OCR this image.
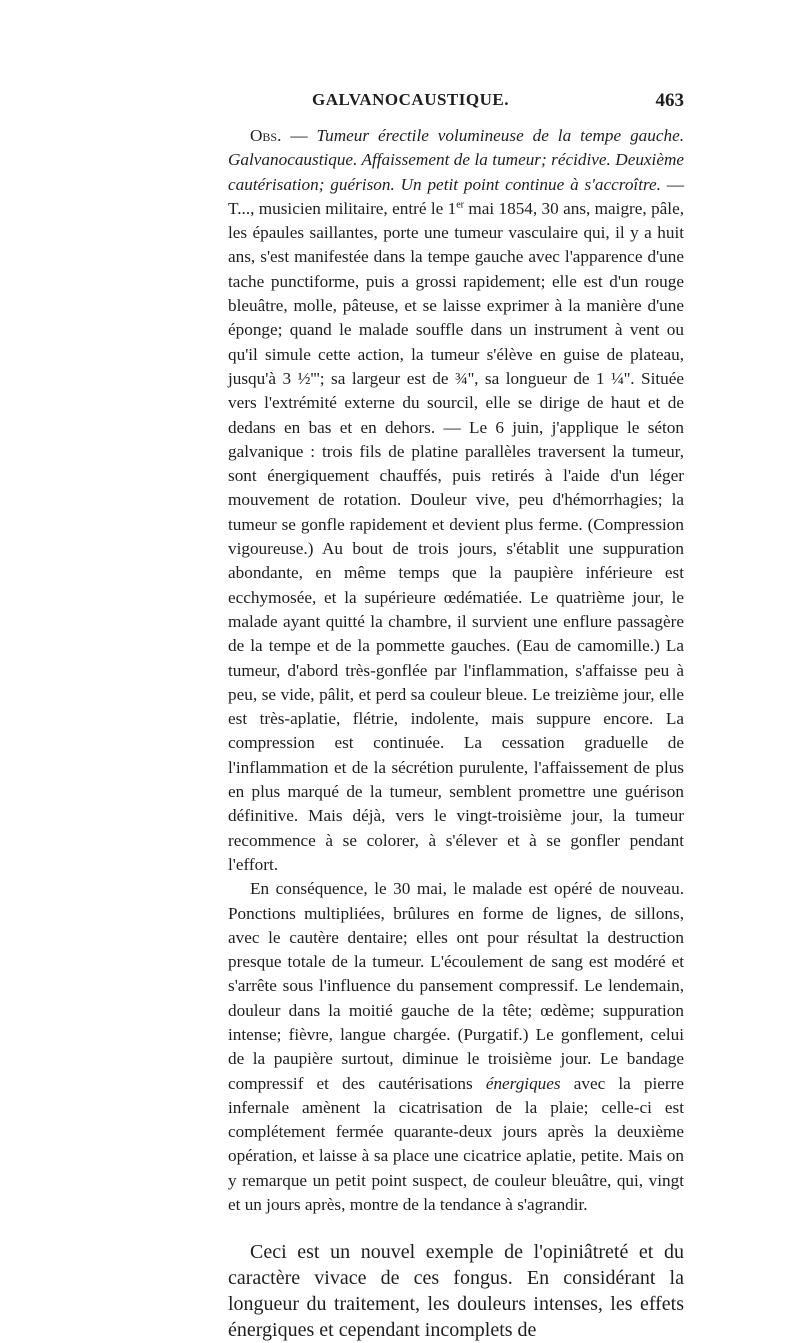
GALVANOCAUSTIQUE.	463

Obs. — Tumeur érectile volumineuse de la tempe gauche. Galvanocaustique. Affaissement de la tumeur; récidive. Deuxième cautérisation; guérison. Un petit point continue à s'accroître. — T..., musicien militaire, entré le 1er mai 1854, 30 ans, maigre, pâle, les épaules saillantes, porte une tumeur vasculaire qui, il y a huit ans, s'est manifestée dans la tempe gauche avec l'apparence d'une tache punctiforme, puis a grossi rapidement; elle est d'un rouge bleuâtre, molle, pâteuse, et se laisse exprimer à la manière d'une éponge; quand le malade souffle dans un instrument à vent ou qu'il simule cette action, la tumeur s'élève en guise de plateau, jusqu'à 3 ½'''; sa largeur est de ¾'', sa longueur de 1 ¼''. Située vers l'extrémité externe du sourcil, elle se dirige de haut et de dedans en bas et en dehors. — Le 6 juin, j'applique le séton galvanique : trois fils de platine parallèles traversent la tumeur, sont énergiquement chauffés, puis retirés à l'aide d'un léger mouvement de rotation. Douleur vive, peu d'hémorrhagies; la tumeur se gonfle rapidement et devient plus ferme. (Compression vigoureuse.) Au bout de trois jours, s'établit une suppuration abondante, en même temps que la paupière inférieure est ecchymosée, et la supérieure œdématiée. Le quatrième jour, le malade ayant quitté la chambre, il survient une enflure passagère de la tempe et de la pommette gauches. (Eau de camomille.) La tumeur, d'abord très-gonflée par l'inflammation, s'affaisse peu à peu, se vide, pâlit, et perd sa couleur bleue. Le treizième jour, elle est très-aplatie, flétrie, indolente, mais suppure encore. La compression est continuée. La cessation graduelle de l'inflammation et de la sécrétion purulente, l'affaissement de plus en plus marqué de la tumeur, semblent promettre une guérison définitive. Mais déjà, vers le vingt-troisième jour, la tumeur recommence à se colorer, à s'élever et à se gonfler pendant l'effort.

En conséquence, le 30 mai, le malade est opéré de nouveau. Ponctions multipliées, brûlures en forme de lignes, de sillons, avec le cautère dentaire; elles ont pour résultat la destruction presque totale de la tumeur. L'écoulement de sang est modéré et s'arrête sous l'influence du pansement compressif. Le lendemain, douleur dans la moitié gauche de la tête; œdème; suppuration intense; fièvre, langue chargée. (Purgatif.) Le gonflement, celui de la paupière surtout, diminue le troisième jour. Le bandage compressif et des cautérisations énergiques avec la pierre infernale amènent la cicatrisation de la plaie; celle-ci est complétement fermée quarante-deux jours après la deuxième opération, et laisse à sa place une cicatrice aplatie, petite. Mais on y remarque un petit point suspect, de couleur bleuâtre, qui, vingt et un jours après, montre de la tendance à s'agrandir.

Ceci est un nouvel exemple de l'opiniâtreté et du caractère vivace de ces fongus. En considérant la longueur du traitement, les douleurs intenses, les effets énergiques et cependant incomplets de
